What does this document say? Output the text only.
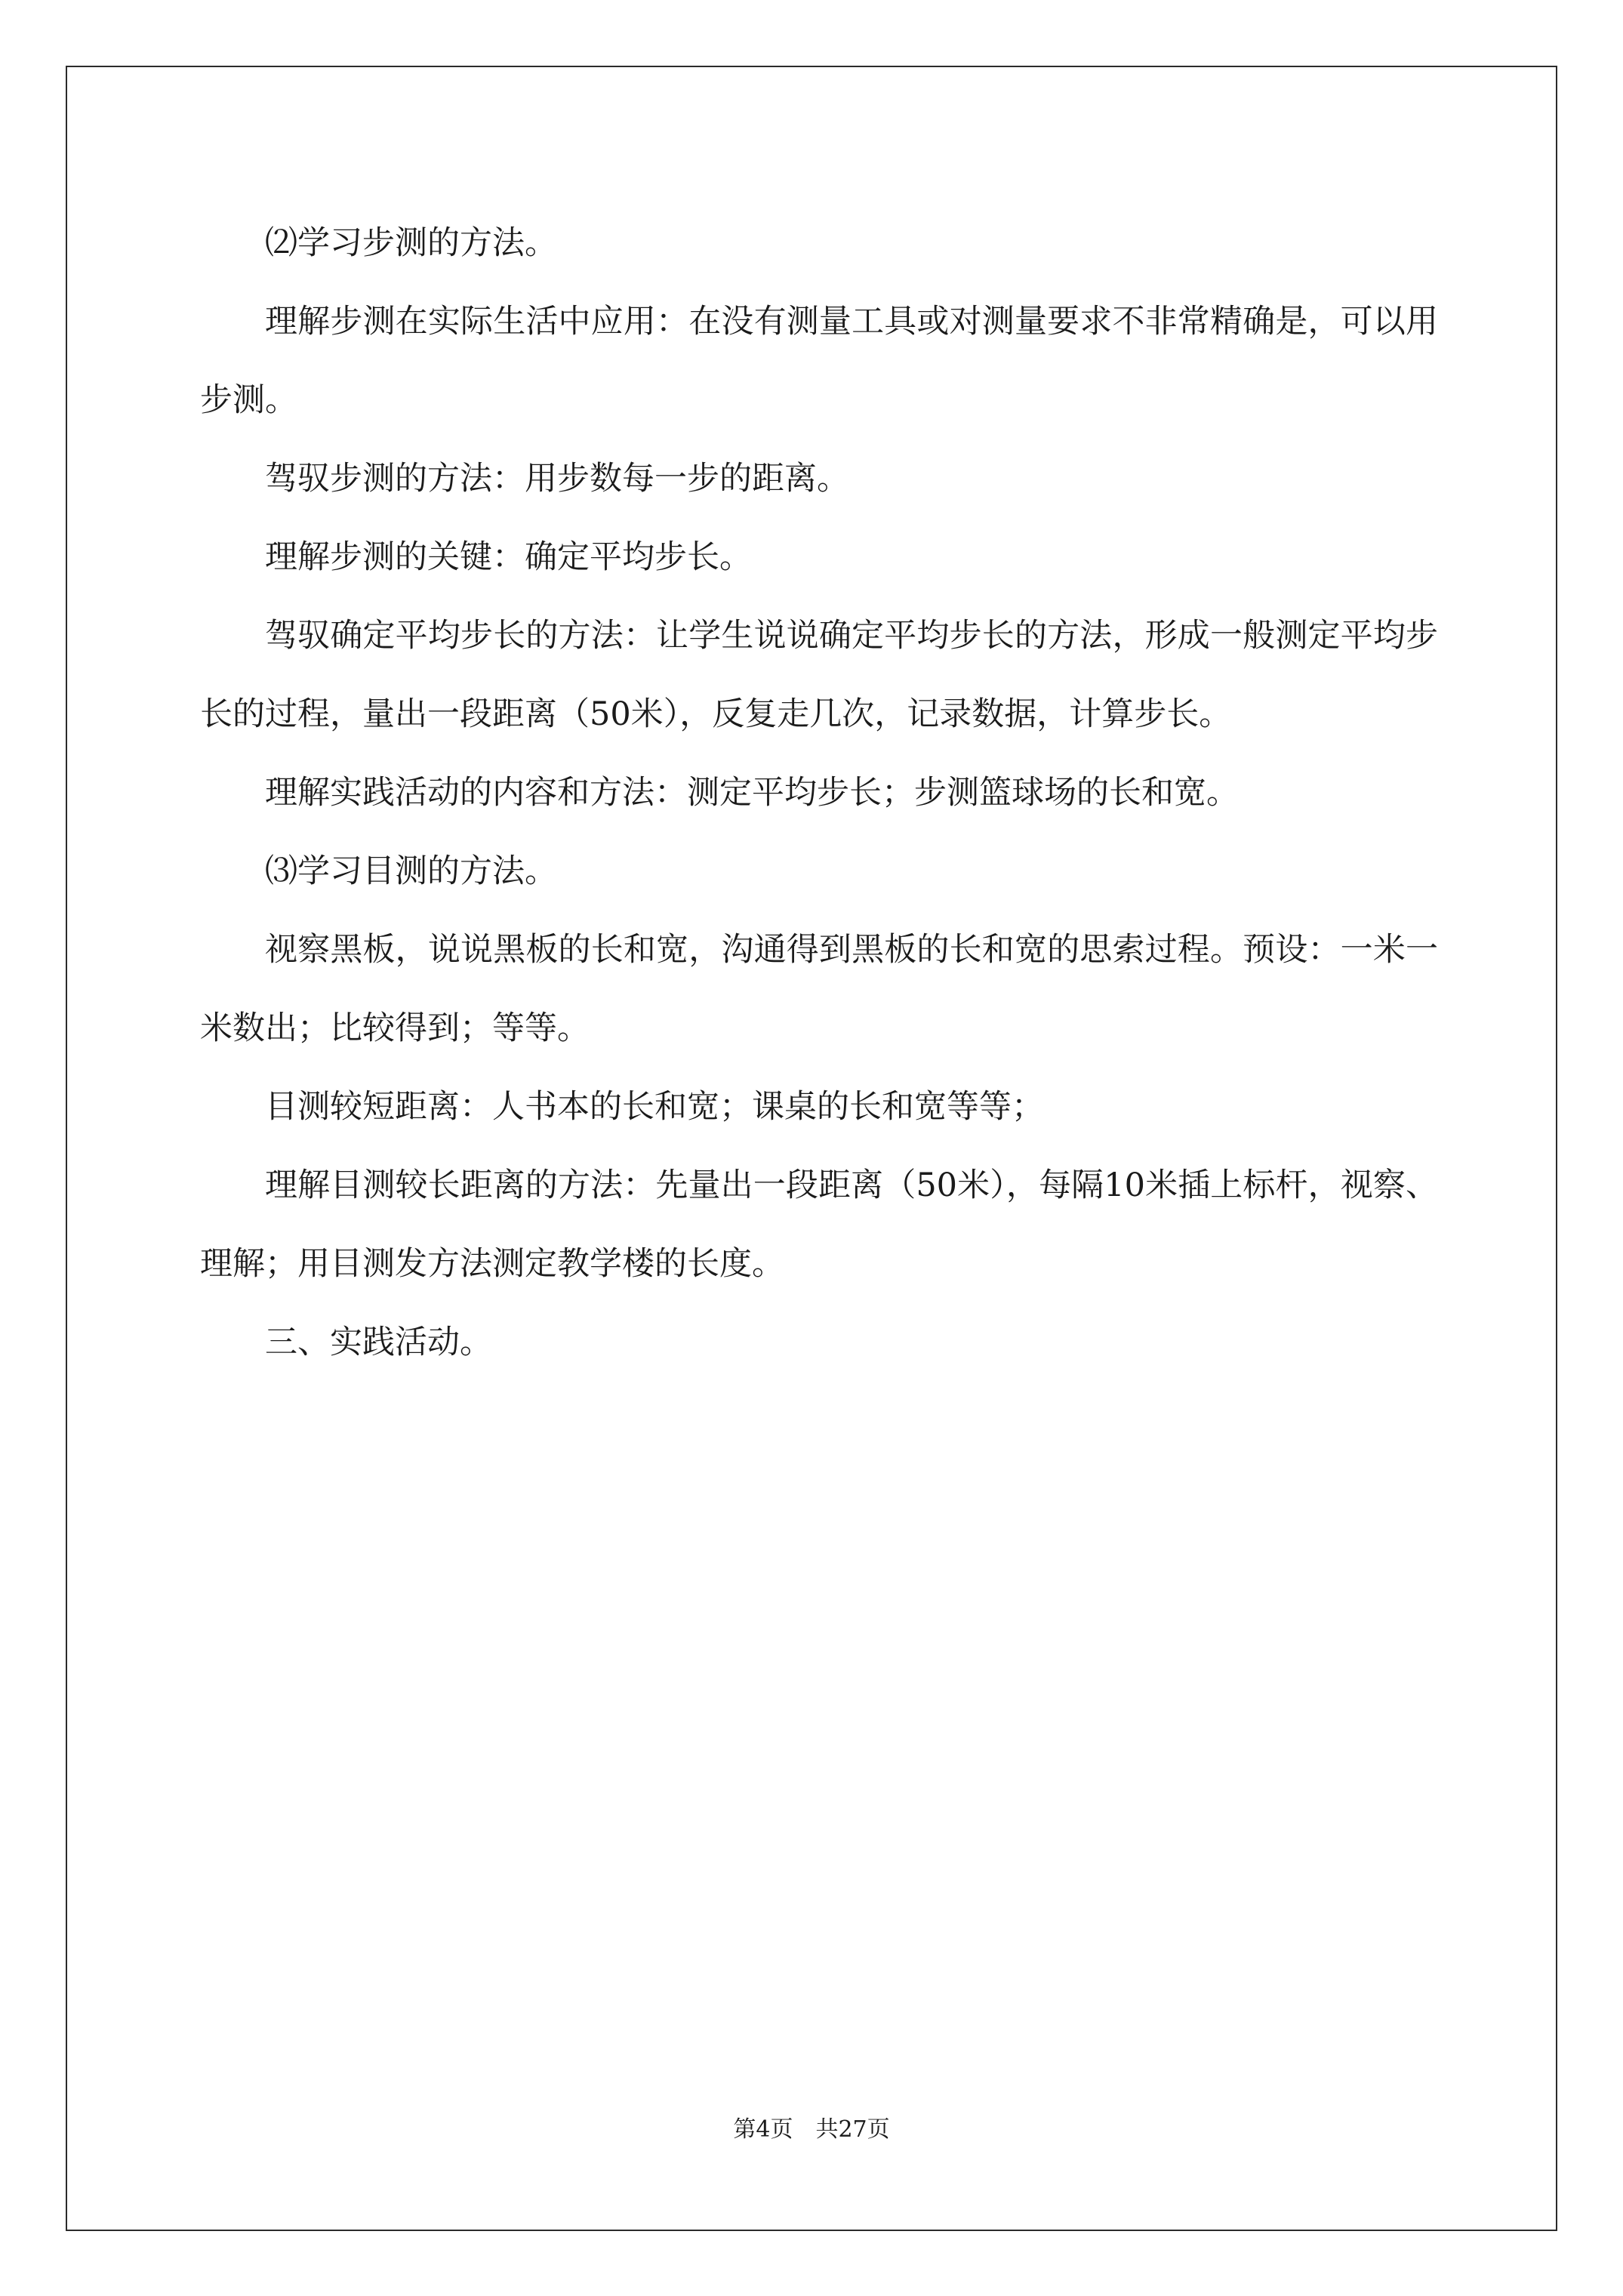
⑵学习步测的方法。

理解步测在实际生活中应用：在没有测量工具或对测量要求不非常精确是，可以用步测。

驾驭步测的方法：用步数每一步的距离。

理解步测的关键：确定平均步长。

驾驭确定平均步长的方法：让学生说说确定平均步长的方法，形成一般测定平均步长的过程，量出一段距离（50米），反复走几次，记录数据，计算步长。

理解实践活动的内容和方法：测定平均步长；步测篮球场的长和宽。

⑶学习目测的方法。

视察黑板，说说黑板的长和宽，沟通得到黑板的长和宽的思索过程。预设：一米一米数出；比较得到；等等。

目测较短距离：人书本的长和宽；课桌的长和宽等等；

理解目测较长距离的方法：先量出一段距离（50米），每隔10米插上标杆，视察、理解；用目测发方法测定教学楼的长度。

三、实践活动。

第4页　共27页
